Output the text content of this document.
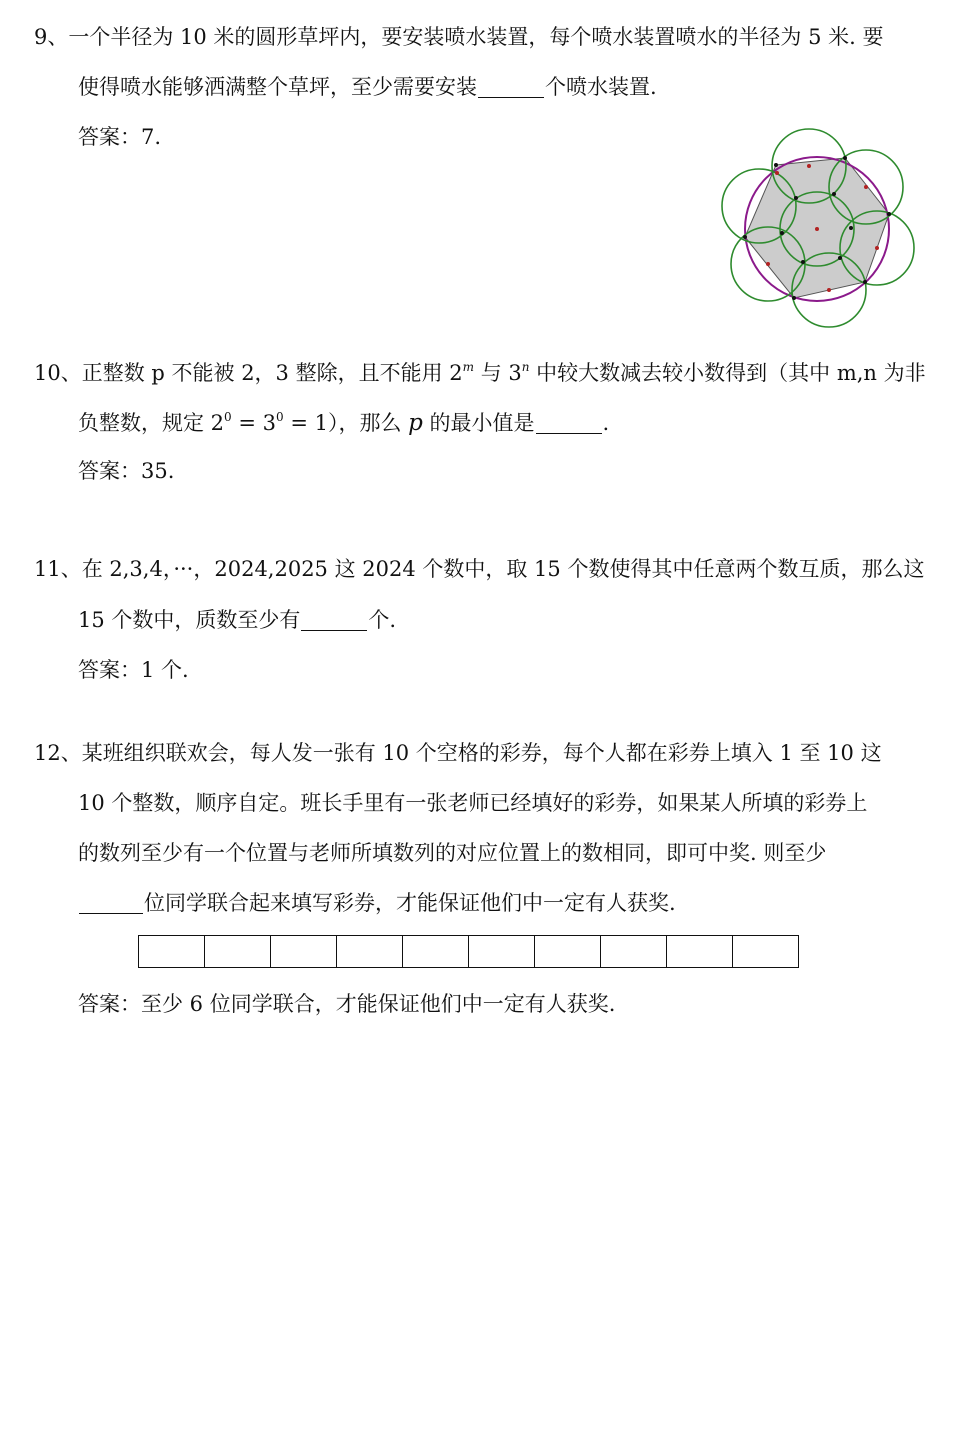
9、一个半径为 10 米的圆形草坪内，要安装喷水装置，每个喷水装置喷水的半径为 5 米. 要
使得喷水能够洒满整个草坪，至少需要安装	个喷水装置.
答案：7.
10、正整数 p 不能被 2，3 整除，且不能用 2$^m$ 与 3$^n$ 中较大数减去较小数得到（其中 m,n 为非
负整数，规定 $2^0 = 3^0 = 1$），那么 p 的最小值是	.
答案：35.
11、在 2,3,4，···，2024,2025 这 2024 个数中，取 15 个数使得其中任意两个数互质，那么这
15 个数中，质数至少有	个.
答案：1 个.
12、某班组织联欢会，每人发一张有 10 个空格的彩券，每个人都在彩券上填入 1 至 10 这
10 个整数，顺序自定。班长手里有一张老师已经填好的彩券，如果某人所填的彩券上
的数列至少有一个位置与老师所填数列的对应位置上的数相同，即可中奖. 则至少
位同学联合起来填写彩券，才能保证他们中一定有人获奖.
答案：至少 6 位同学联合，才能保证他们中一定有人获奖.
